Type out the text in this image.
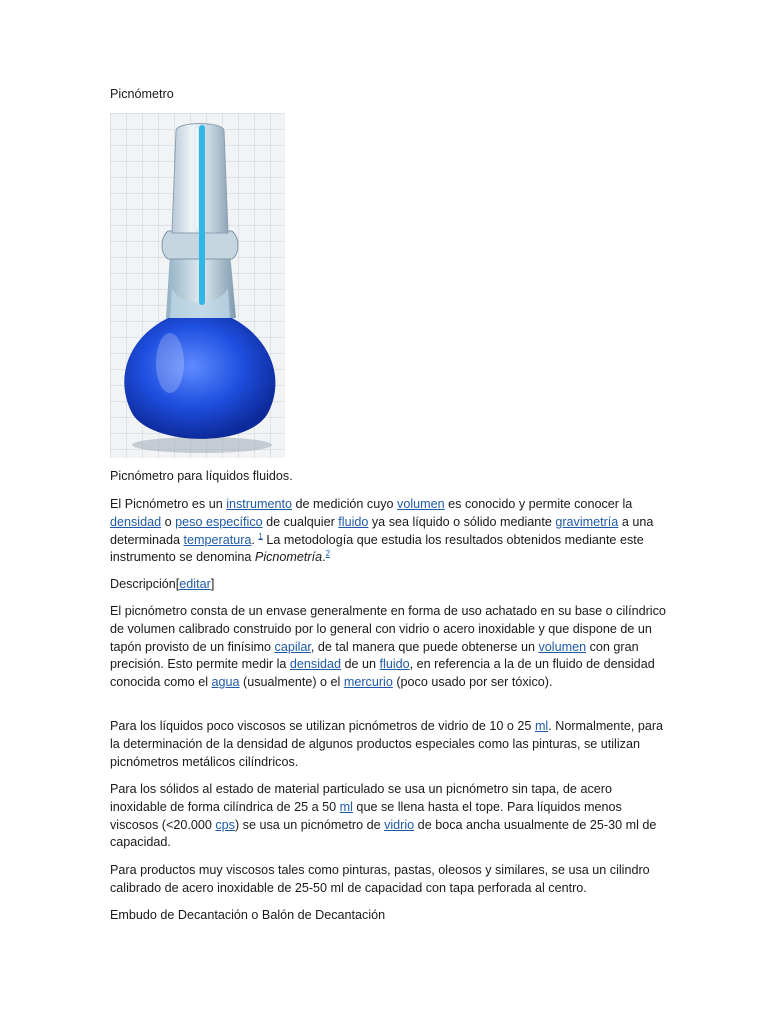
Picnómetro

Picnómetro para líquidos fluidos.

El Picnómetro es un instrumento de medición cuyo volumen es conocido y permite conocer la densidad o peso específico de cualquier fluido ya sea líquido o sólido mediante gravimetría a una determinada temperatura. $^1$ La metodología que estudia los resultados obtenidos mediante este instrumento se denomina Picnometría.$^2$

Descripción[editar]

El picnómetro consta de un envase generalmente en forma de uso achatado en su base o cilíndrico de volumen calibrado construido por lo general con vidrio o acero inoxidable y que dispone de un tapón provisto de un finísimo capilar, de tal manera que puede obtenerse un volumen con gran precisión. Esto permite medir la densidad de un fluido, en referencia a la de un fluido de densidad conocida como el agua (usualmente) o el mercurio (poco usado por ser tóxico).

Para los líquidos poco viscosos se utilizan picnómetros de vidrio de 10 o 25 ml. Normalmente, para la determinación de la densidad de algunos productos especiales como las pinturas, se utilizan picnómetros metálicos cilíndricos.

Para los sólidos al estado de material particulado se usa un picnómetro sin tapa, de acero inoxidable de forma cilíndrica de 25 a 50 ml que se llena hasta el tope. Para líquidos menos viscosos (<20.000 cps) se usa un picnómetro de vidrio de boca ancha usualmente de 25-30 ml de capacidad.

Para productos muy viscosos tales como pinturas, pastas, oleosos y similares, se usa un cilindro calibrado de acero inoxidable de 25-50 ml de capacidad con tapa perforada al centro.

Embudo de Decantación o Balón de Decantación
